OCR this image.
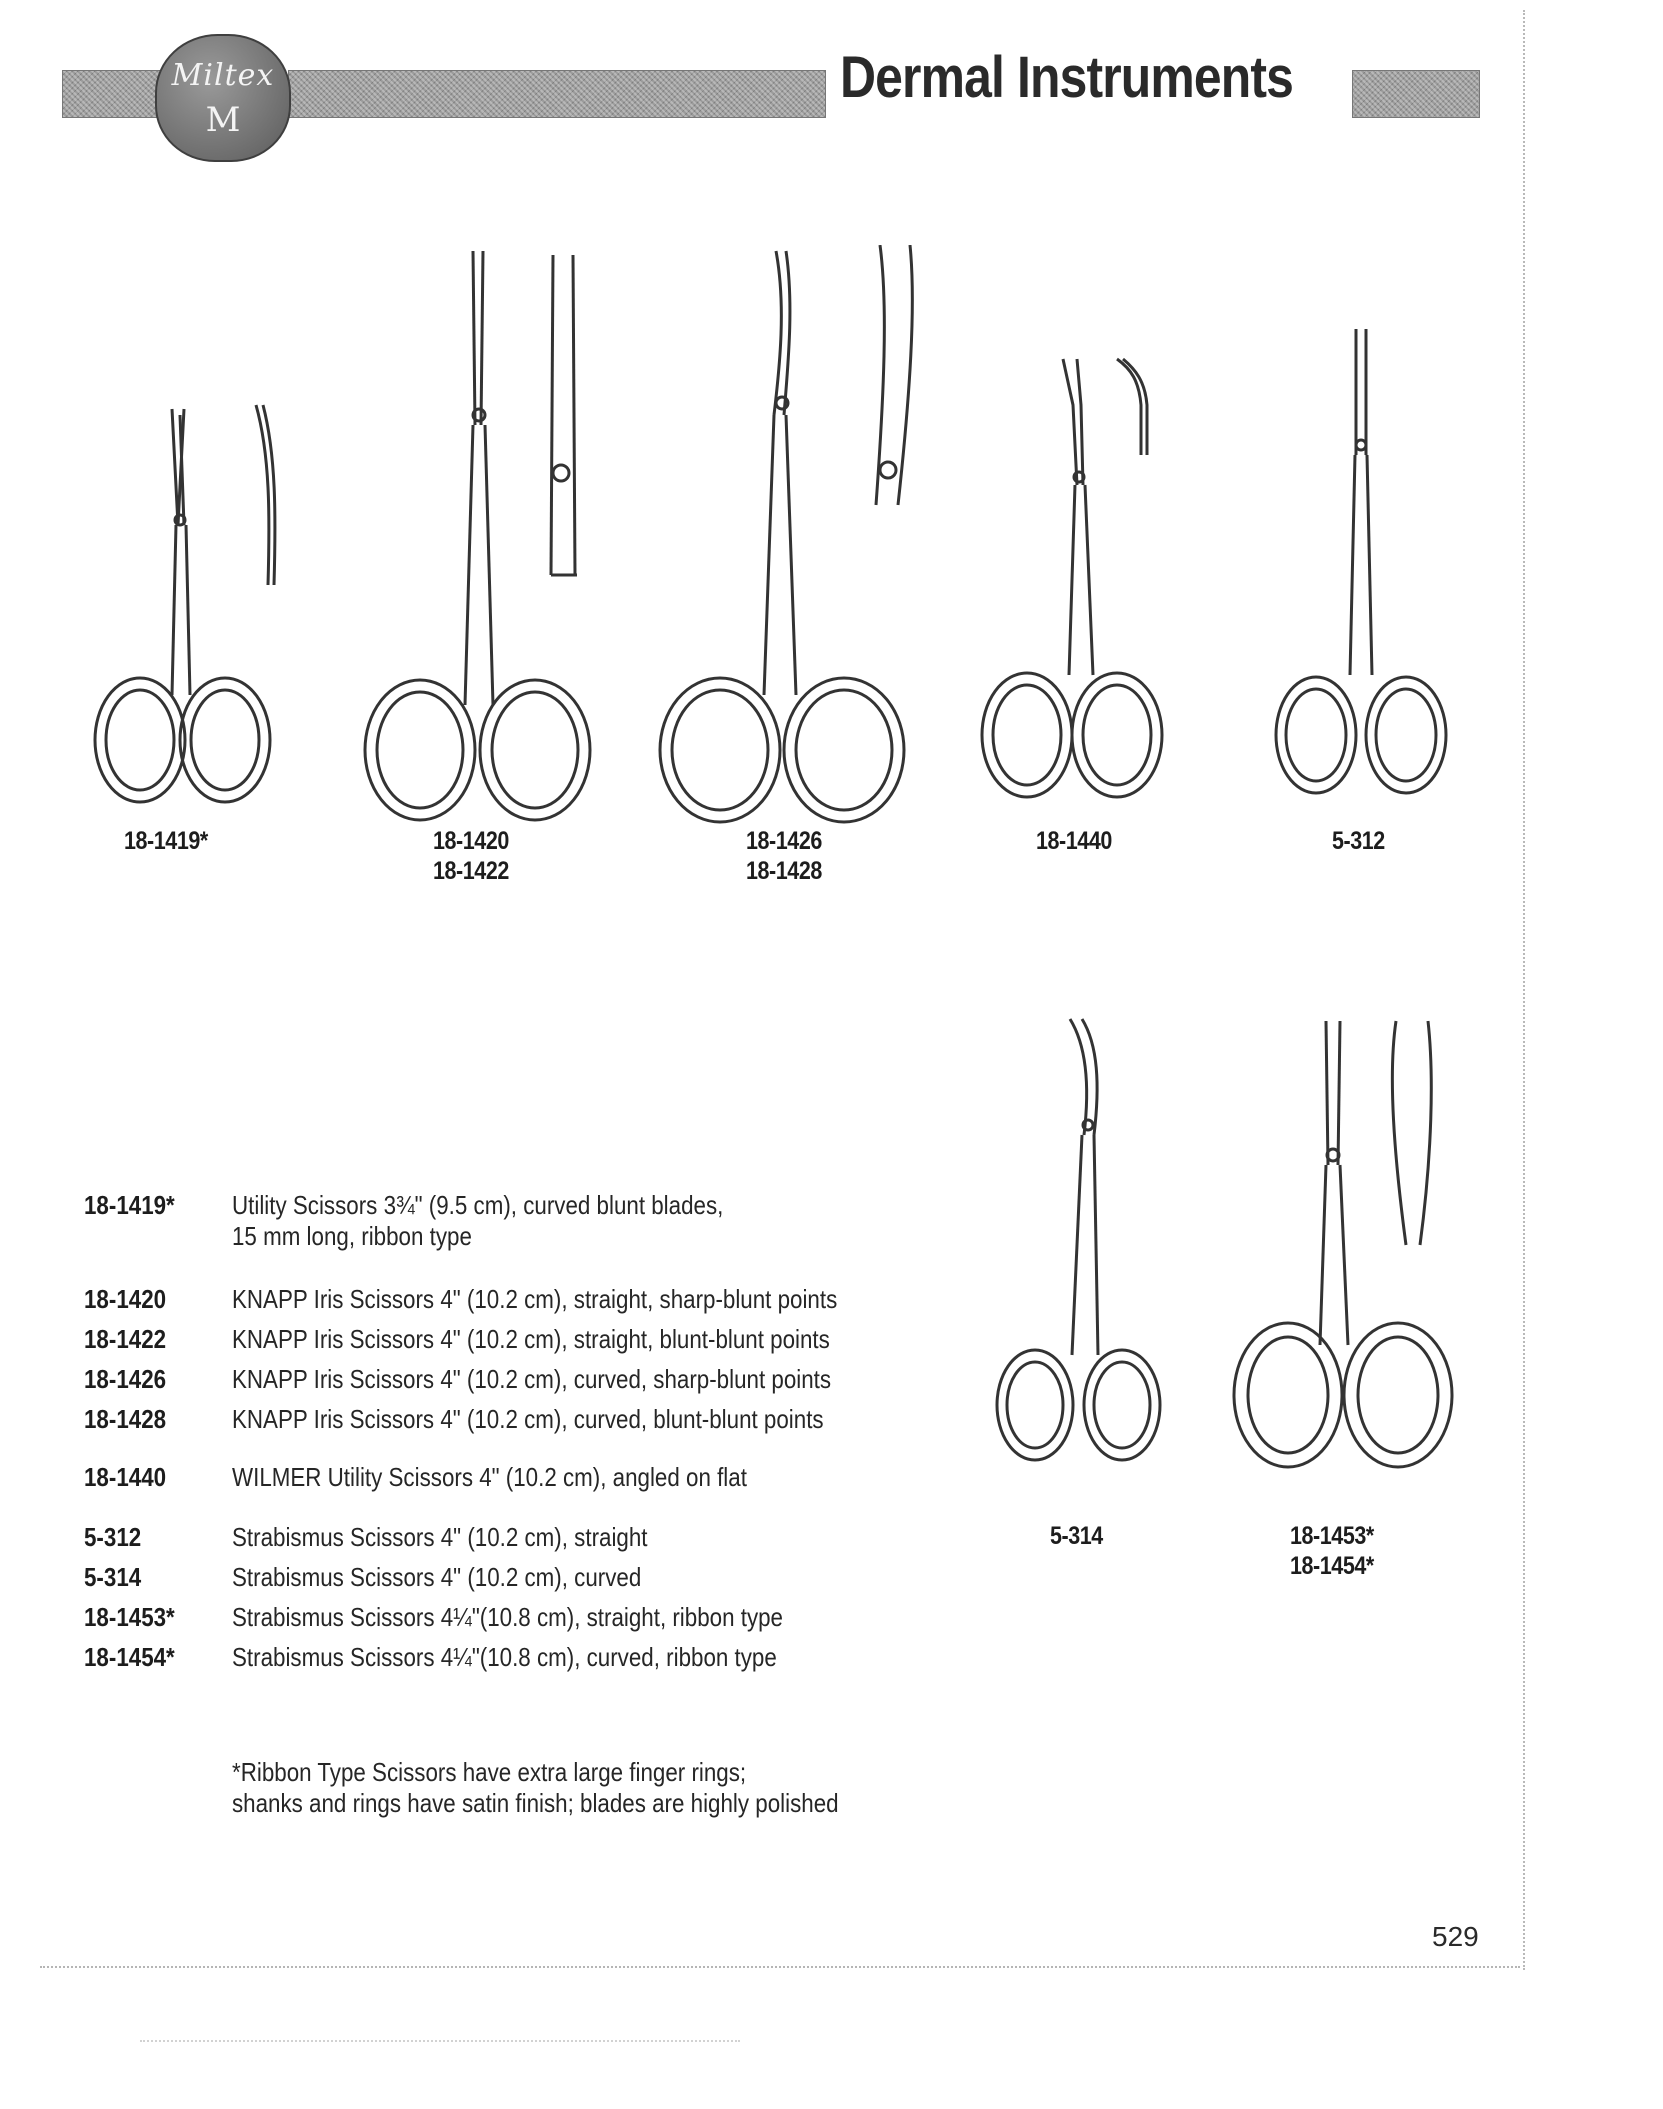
Miltex
M
Dermal Instruments
18-1419*	18-1420
18-1422
18-1426
18-1428
18-1440	5-312
5-314	18-1453*
18-1454*
18-1419* Utility Scissors 3¾" (9.5 cm), curved blunt blades,
15 mm long, ribbon type
18-1420	KNAPP Iris Scissors 4" (10.2 cm), straight, sharp-blunt points
18-1422	KNAPP Iris Scissors 4" (10.2 cm), straight, blunt-blunt points
18-1426	KNAPP Iris Scissors 4" (10.2 cm), curved, sharp-blunt points
18-1428	KNAPP Iris Scissors 4" (10.2 cm), curved, blunt-blunt points
18-1440	WILMER Utility Scissors 4" (10.2 cm), angled on flat
5-312	Strabismus Scissors 4" (10.2 cm), straight
5-314	Strabismus Scissors 4" (10.2 cm), curved
18-1453* Strabismus Scissors 4¼"(10.8 cm), straight, ribbon type
18-1454* Strabismus Scissors 4¼"(10.8 cm), curved, ribbon type
*Ribbon Type Scissors have extra large finger rings;
shanks and rings have satin finish; blades are highly polished
529
